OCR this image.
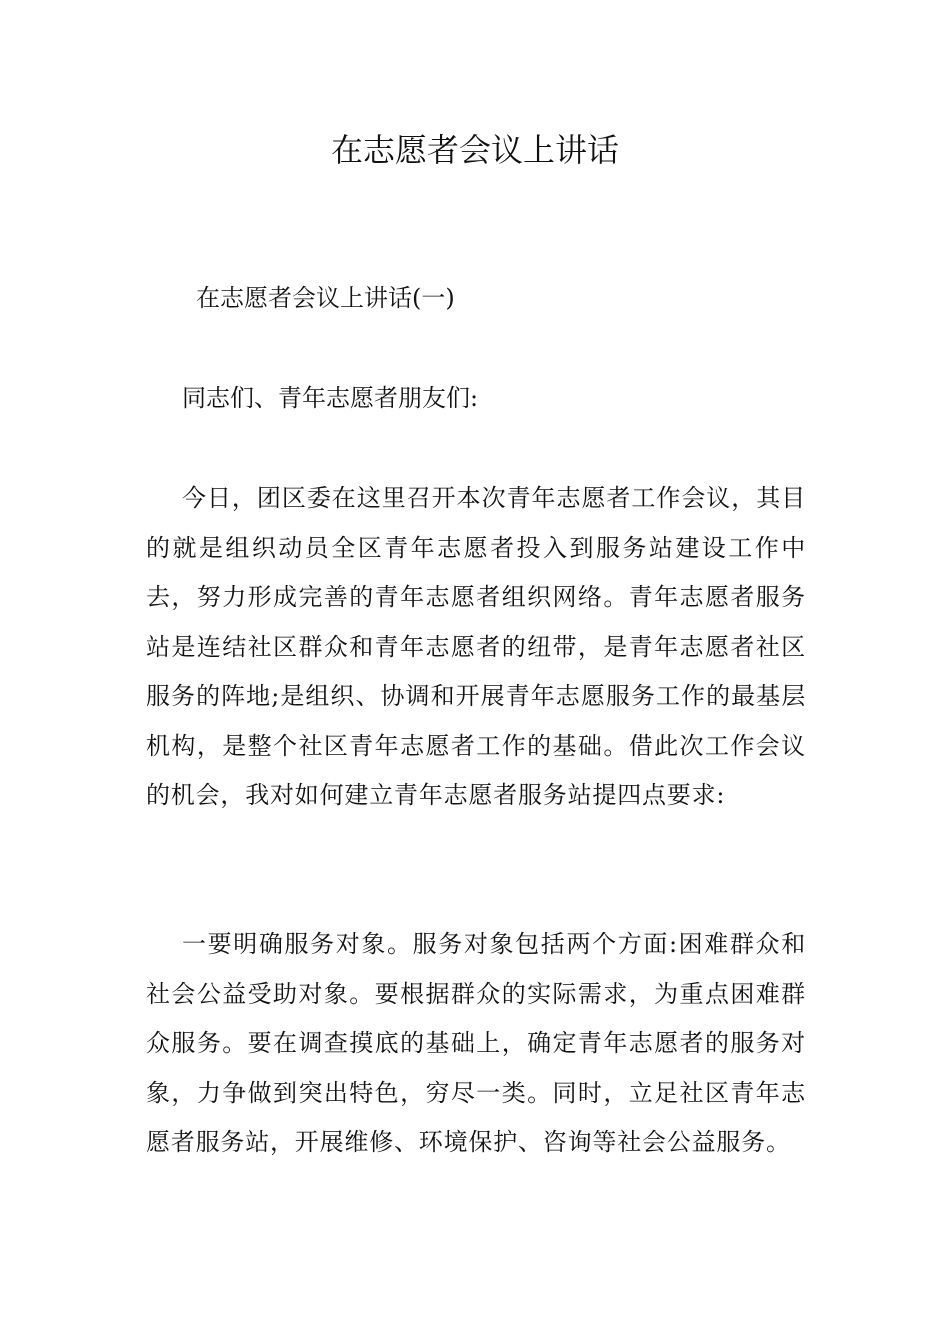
在志愿者会议上讲话

在志愿者会议上讲话(一)

同志们、青年志愿者朋友们:

今日，团区委在这里召开本次青年志愿者工作会议，其目的就是组织动员全区青年志愿者投入到服务站建设工作中去，努力形成完善的青年志愿者组织网络。青年志愿者服务站是连结社区群众和青年志愿者的纽带，是青年志愿者社区服务的阵地;是组织、协调和开展青年志愿服务工作的最基层机构，是整个社区青年志愿者工作的基础。借此次工作会议的机会，我对如何建立青年志愿者服务站提四点要求:

一要明确服务对象。服务对象包括两个方面:困难群众和社会公益受助对象。要根据群众的实际需求，为重点困难群众服务。要在调查摸底的基础上，确定青年志愿者的服务对象，力争做到突出特色，穷尽一类。同时，立足社区青年志愿者服务站，开展维修、环境保护、咨询等社会公益服务。
